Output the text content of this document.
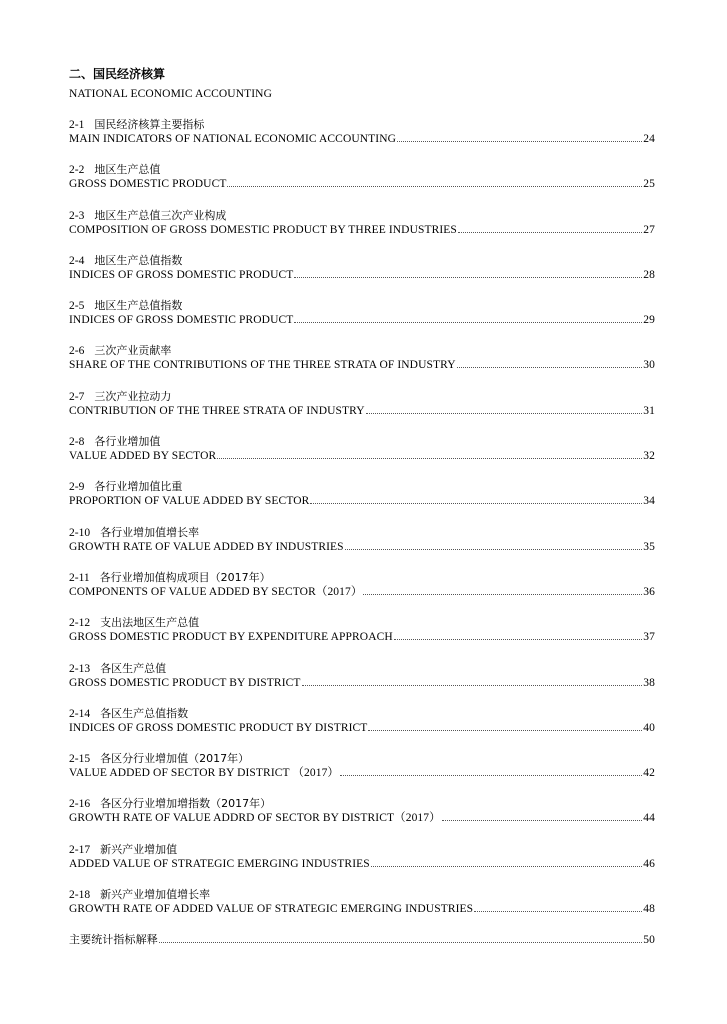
二、国民经济核算
NATIONAL ECONOMIC ACCOUNTING
2-1 国民经济核算主要指标
MAIN INDICATORS OF NATIONAL ECONOMIC ACCOUNTING	24
2-2 地区生产总值
GROSS DOMESTIC PRODUCT	25
2-3 地区生产总值三次产业构成
COMPOSITION OF GROSS DOMESTIC PRODUCT BY THREE INDUSTRIES	27
2-4 地区生产总值指数
INDICES OF GROSS DOMESTIC PRODUCT	28
2-5 地区生产总值指数
INDICES OF GROSS DOMESTIC PRODUCT	29
2-6 三次产业贡献率
SHARE OF THE CONTRIBUTIONS OF THE THREE STRATA OF INDUSTRY	30
2-7 三次产业拉动力
CONTRIBUTION OF THE THREE STRATA OF INDUSTRY	31
2-8 各行业增加值
VALUE ADDED BY SECTOR	32
2-9 各行业增加值比重
PROPORTION OF VALUE ADDED BY SECTOR	34
2-10 各行业增加值增长率
GROWTH RATE OF VALUE ADDED BY INDUSTRIES	35
2-11 各行业增加值构成项目（2017年）
COMPONENTS OF VALUE ADDED BY SECTOR（2017）	36
2-12 支出法地区生产总值
GROSS DOMESTIC PRODUCT BY EXPENDITURE APPROACH	37
2-13 各区生产总值
GROSS DOMESTIC PRODUCT BY DISTRICT	38
2-14 各区生产总值指数
INDICES OF GROSS DOMESTIC PRODUCT BY DISTRICT	40
2-15 各区分行业增加值（2017年）
VALUE ADDED OF SECTOR BY DISTRICT （2017）	42
2-16 各区分行业增加增指数（2017年）
GROWTH RATE OF VALUE ADDRD OF SECTOR BY DISTRICT（2017）	44
2-17 新兴产业增加值
ADDED VALUE OF STRATEGIC EMERGING INDUSTRIES	46
2-18 新兴产业增加值增长率
GROWTH RATE OF ADDED VALUE OF STRATEGIC EMERGING INDUSTRIES	48
主要统计指标解释	50
